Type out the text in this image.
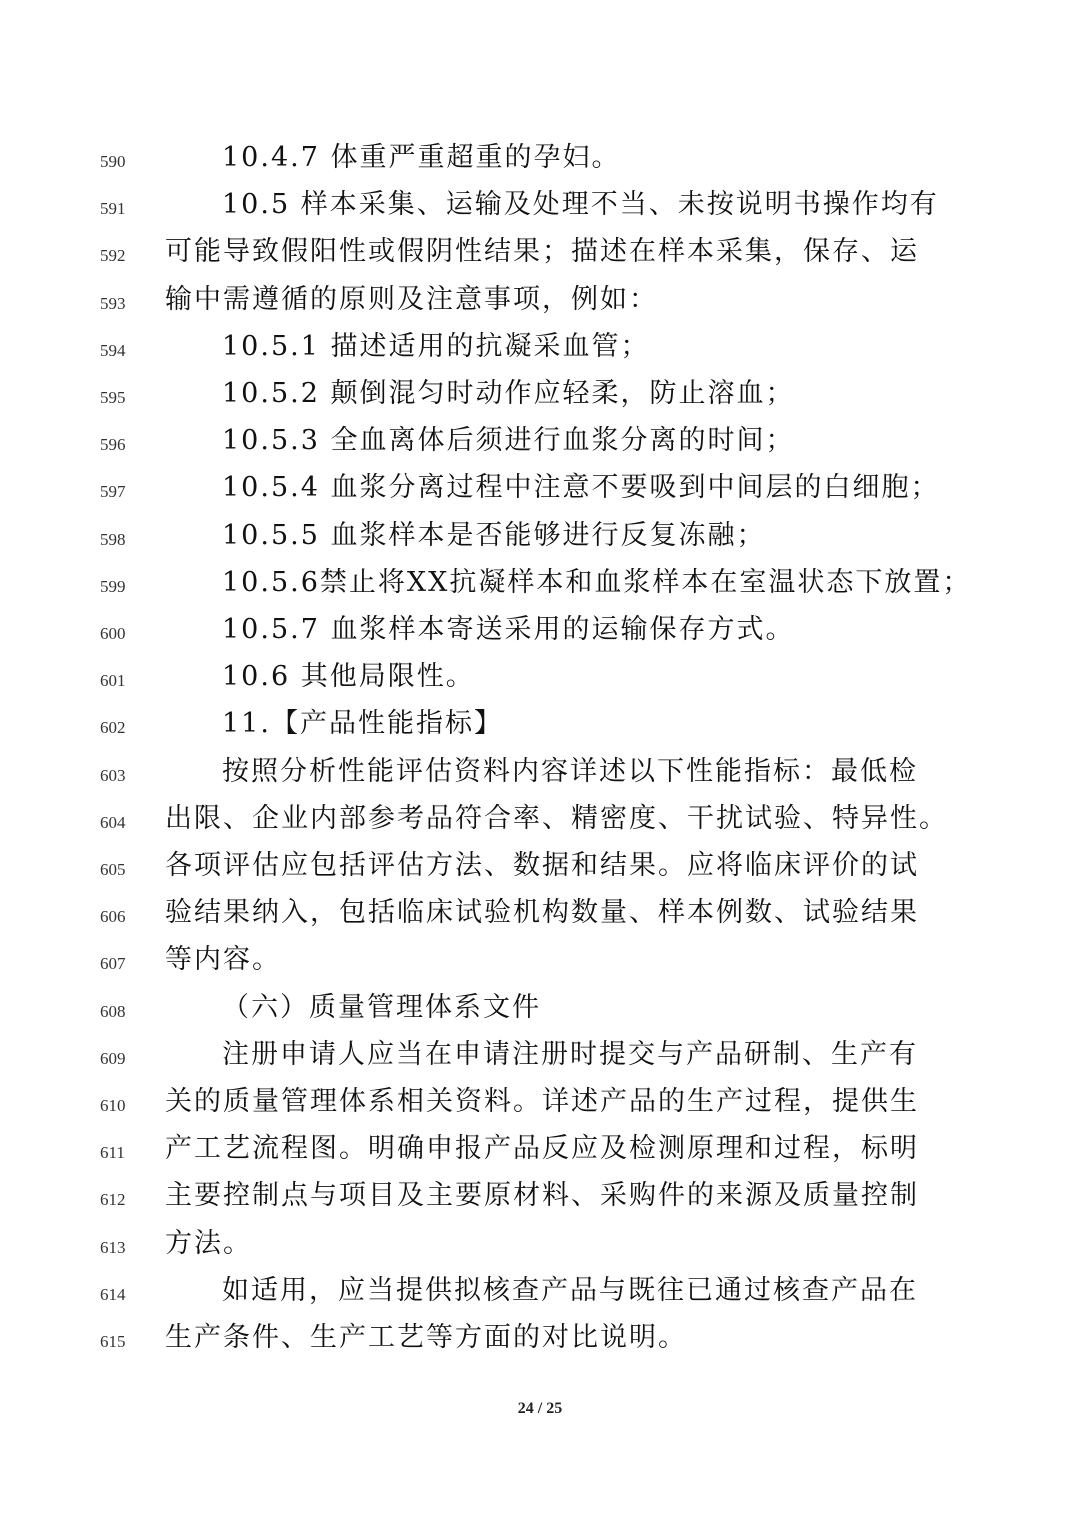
590	10.4.7 体重严重超重的孕妇。
591	10.5 样本采集、运输及处理不当、未按说明书操作均有
592	可能导致假阳性或假阴性结果；描述在样本采集，保存、运
593	输中需遵循的原则及注意事项，例如：
594	10.5.1 描述适用的抗凝采血管；
595	10.5.2 颠倒混匀时动作应轻柔，防止溶血；
596	10.5.3 全血离体后须进行血浆分离的时间；
597	10.5.4 血浆分离过程中注意不要吸到中间层的白细胞；
598	10.5.5 血浆样本是否能够进行反复冻融；
599	10.5.6禁止将XX抗凝样本和血浆样本在室温状态下放置；
600	10.5.7 血浆样本寄送采用的运输保存方式。
601	10.6 其他局限性。
602	11.【产品性能指标】
603	按照分析性能评估资料内容详述以下性能指标：最低检
604	出限、企业内部参考品符合率、精密度、干扰试验、特异性。
605	各项评估应包括评估方法、数据和结果。应将临床评价的试
606	验结果纳入，包括临床试验机构数量、样本例数、试验结果
607	等内容。
608	（六）质量管理体系文件
609	注册申请人应当在申请注册时提交与产品研制、生产有
610	关的质量管理体系相关资料。详述产品的生产过程，提供生
611	产工艺流程图。明确申报产品反应及检测原理和过程，标明
612	主要控制点与项目及主要原材料、采购件的来源及质量控制
613	方法。
614	如适用，应当提供拟核查产品与既往已通过核查产品在
615	生产条件、生产工艺等方面的对比说明。
24 / 25
